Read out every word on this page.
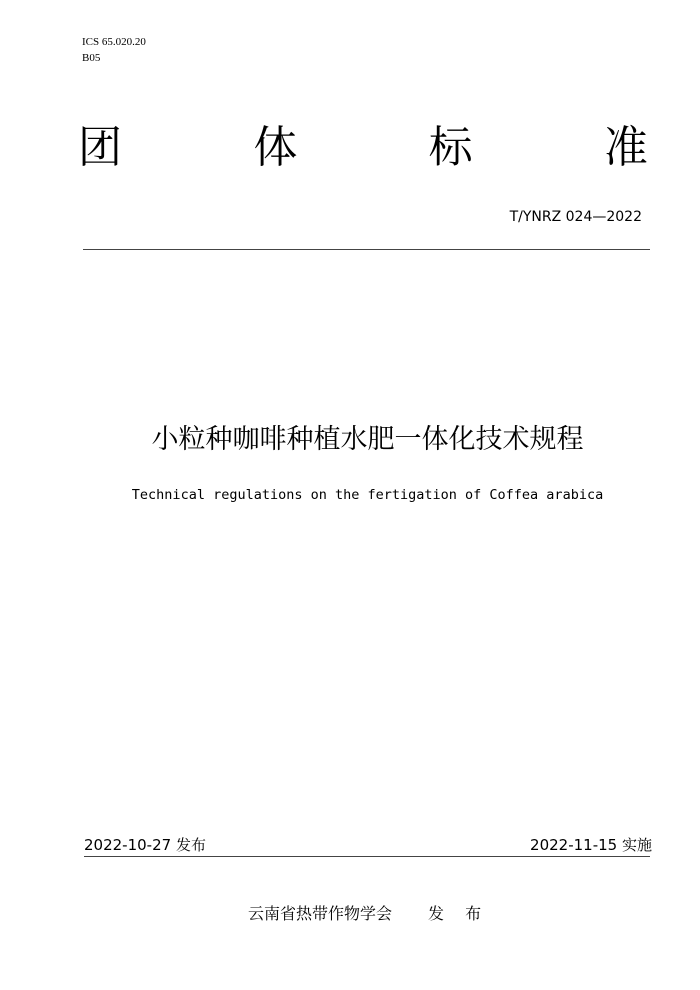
ICS 65.020.20
B05
团	体	标	准
T/YNRZ 024—2022
小粒种咖啡种植水肥一体化技术规程
Technical regulations on the fertigation of Coffea arabica
2022-10-27 发布	2022-11-15 实施
云南省热带作物学会 发 布
